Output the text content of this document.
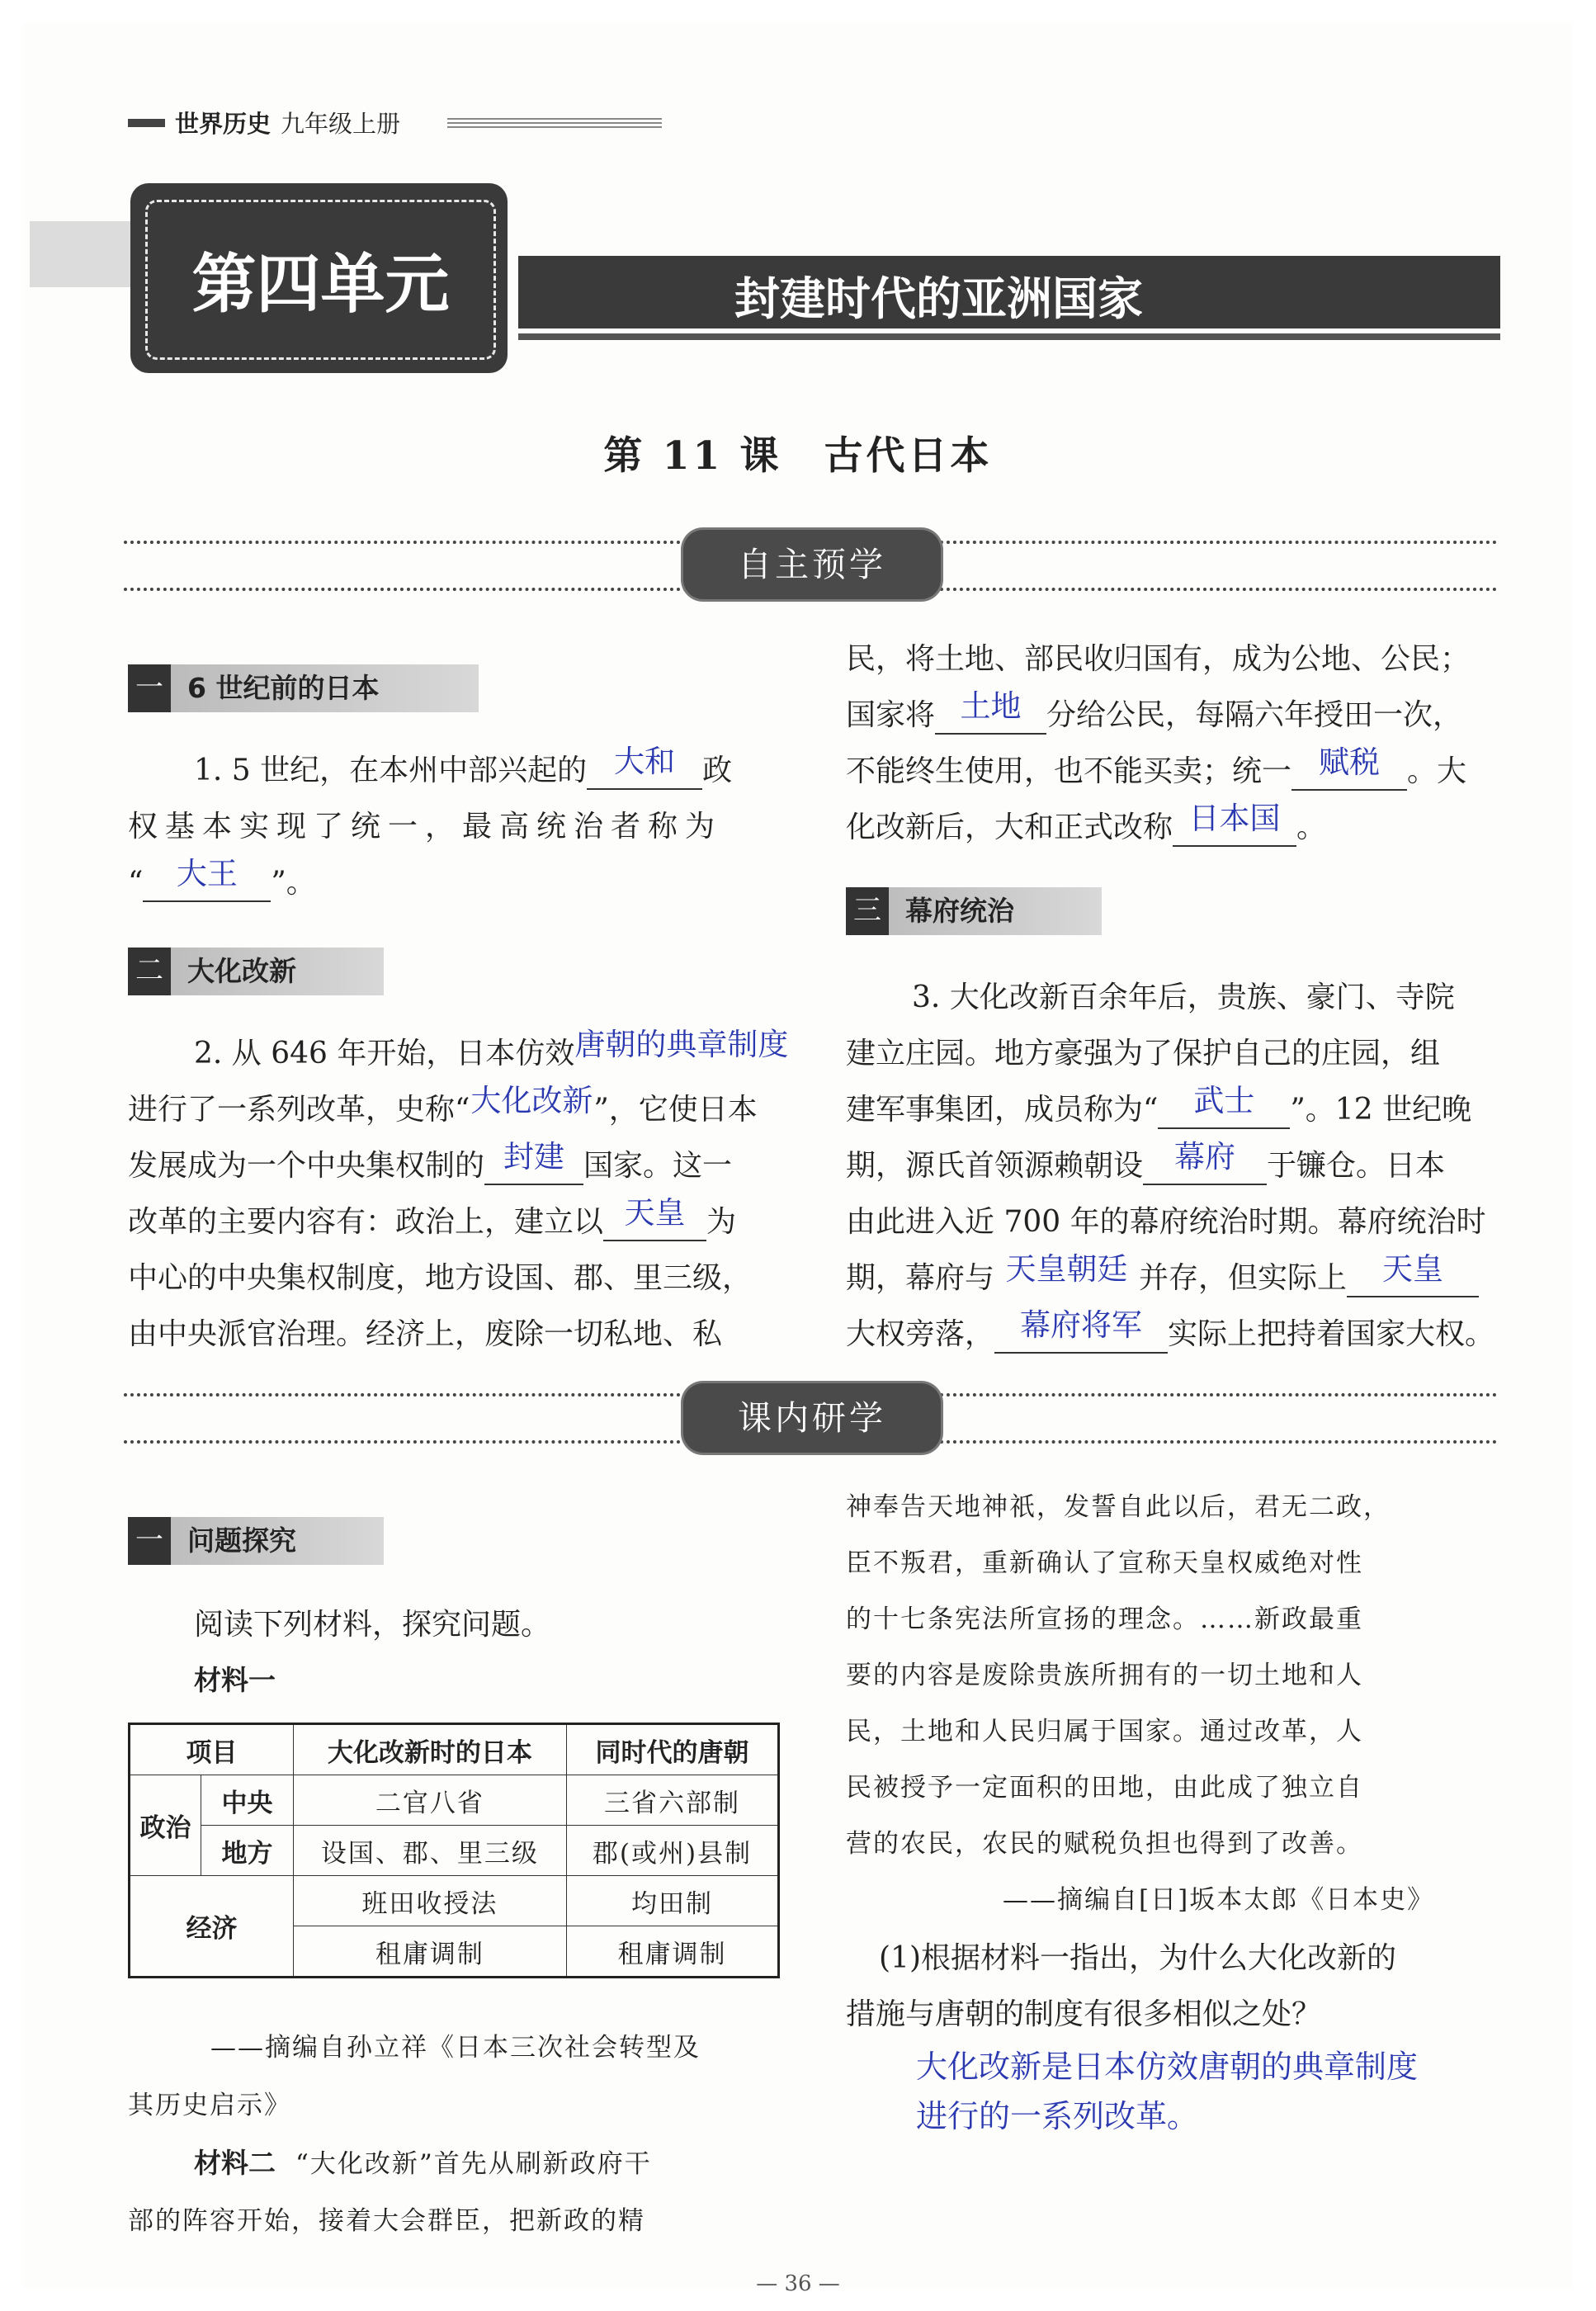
世界历史 九年级上册
第四单元	封建时代的亚洲国家
第 11 课　古代日本
自主预学
一 6 世纪前的日本
1. 5 世纪，在本州中部兴起的 大和 政
权基本实现了统一，最高统治者称为
“ 大王 ”。
二 大化改新
2. 从 646 年开始，日本仿效唐朝的典章制度
进行了一系列改革，史称“大化改新”，它使日本
发展成为一个中央集权制的 封建 国家。这一
改革的主要内容有：政治上，建立以 天皇 为
中心的中央集权制度，地方设国、郡、里三级，
由中央派官治理。经济上，废除一切私地、私
民，将土地、部民收归国有，成为公地、公民；
国家将 土地 分给公民，每隔六年授田一次，
不能终生使用，也不能买卖；统一 赋税 。大
化改新后，大和正式改称 日本国 。
三 幕府统治
3. 大化改新百余年后，贵族、豪门、寺院
建立庄园。地方豪强为了保护自己的庄园，组
建军事集团，成员称为“ 武士 ”。12 世纪晚
期，源氏首领源赖朝设 幕府 于镰仓。日本
由此进入近 700 年的幕府统治时期。幕府统治时
期，幕府与 天皇朝廷 并存，但实际上 天皇
大权旁落， 幕府将军 实际上把持着国家大权。
课内研学
一 问题探究
阅读下列材料，探究问题。
材料一
项目		大化改新时的日本	同时代的唐朝
政治	中央	二官八省	三省六部制
	地方	设国、郡、里三级	郡(或州)县制
经济		班田收授法	均田制
		租庸调制	租庸调制
——摘编自孙立祥《日本三次社会转型及
其历史启示》
材料二 “大化改新”首先从刷新政府干
部的阵容开始，接着大会群臣，把新政的精
神奉告天地神祇，发誓自此以后，君无二政，
臣不叛君，重新确认了宣称天皇权威绝对性
的十七条宪法所宣扬的理念。……新政最重
要的内容是废除贵族所拥有的一切土地和人
民，土地和人民归属于国家。通过改革，人
民被授予一定面积的田地，由此成了独立自
营的农民，农民的赋税负担也得到了改善。
——摘编自[日]坂本太郎《日本史》
(1)根据材料一指出，为什么大化改新的
措施与唐朝的制度有很多相似之处？
大化改新是日本仿效唐朝的典章制度
进行的一系列改革。
— 36 —
